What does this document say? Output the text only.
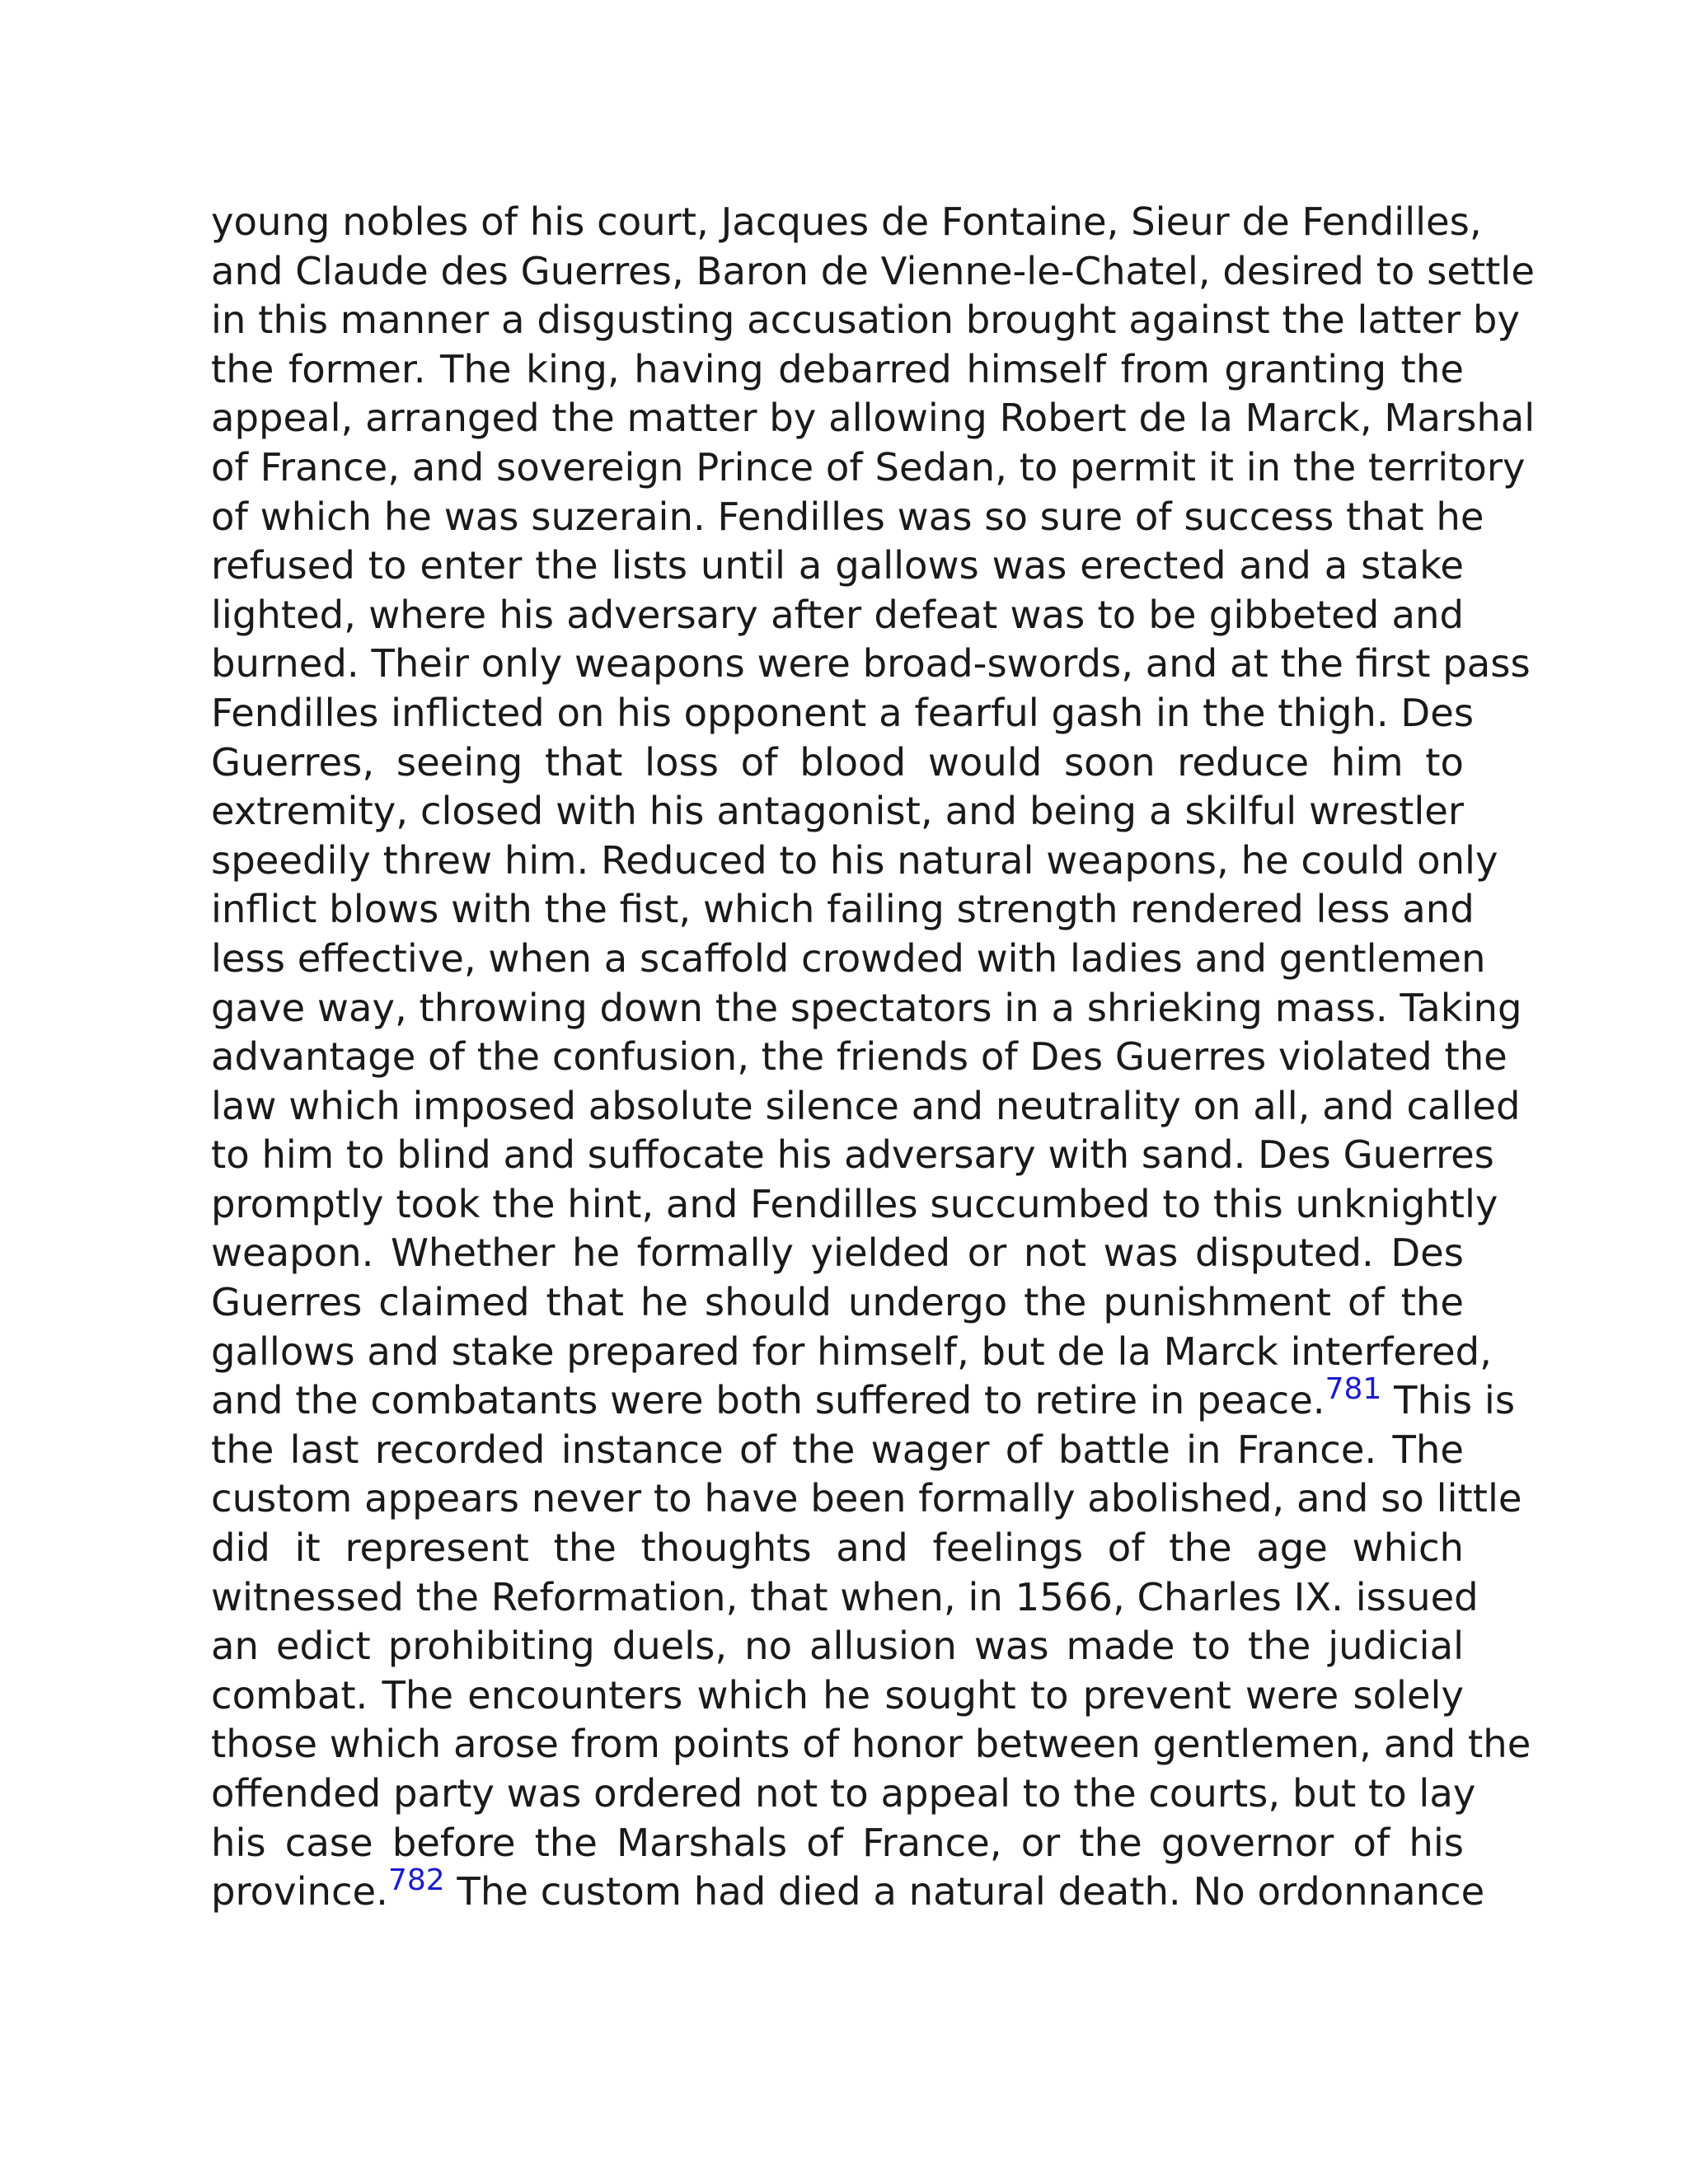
young nobles of his court, Jacques de Fontaine, Sieur de Fendilles,
and Claude des Guerres, Baron de Vienne-le-Chatel, desired to settle
in this manner a disgusting accusation brought against the latter by
the former. The king, having debarred himself from granting the
appeal, arranged the matter by allowing Robert de la Marck, Marshal
of France, and sovereign Prince of Sedan, to permit it in the territory
of which he was suzerain. Fendilles was so sure of success that he
refused to enter the lists until a gallows was erected and a stake
lighted, where his adversary after defeat was to be gibbeted and
burned. Their only weapons were broad-swords, and at the first pass
Fendilles inflicted on his opponent a fearful gash in the thigh. Des
Guerres, seeing that loss of blood would soon reduce him to
extremity, closed with his antagonist, and being a skilful wrestler
speedily threw him. Reduced to his natural weapons, he could only
inflict blows with the fist, which failing strength rendered less and
less effective, when a scaffold crowded with ladies and gentlemen
gave way, throwing down the spectators in a shrieking mass. Taking
advantage of the confusion, the friends of Des Guerres violated the
law which imposed absolute silence and neutrality on all, and called
to him to blind and suffocate his adversary with sand. Des Guerres
promptly took the hint, and Fendilles succumbed to this unknightly
weapon. Whether he formally yielded or not was disputed. Des
Guerres claimed that he should undergo the punishment of the
gallows and stake prepared for himself, but de la Marck interfered,
and the combatants were both suffered to retire in peace.$^{781}$ This is
the last recorded instance of the wager of battle in France. The
custom appears never to have been formally abolished, and so little
did it represent the thoughts and feelings of the age which
witnessed the Reformation, that when, in 1566, Charles IX. issued
an edict prohibiting duels, no allusion was made to the judicial
combat. The encounters which he sought to prevent were solely
those which arose from points of honor between gentlemen, and the
offended party was ordered not to appeal to the courts, but to lay
his case before the Marshals of France, or the governor of his
province.$^{782}$ The custom had died a natural death. No ordonnance
